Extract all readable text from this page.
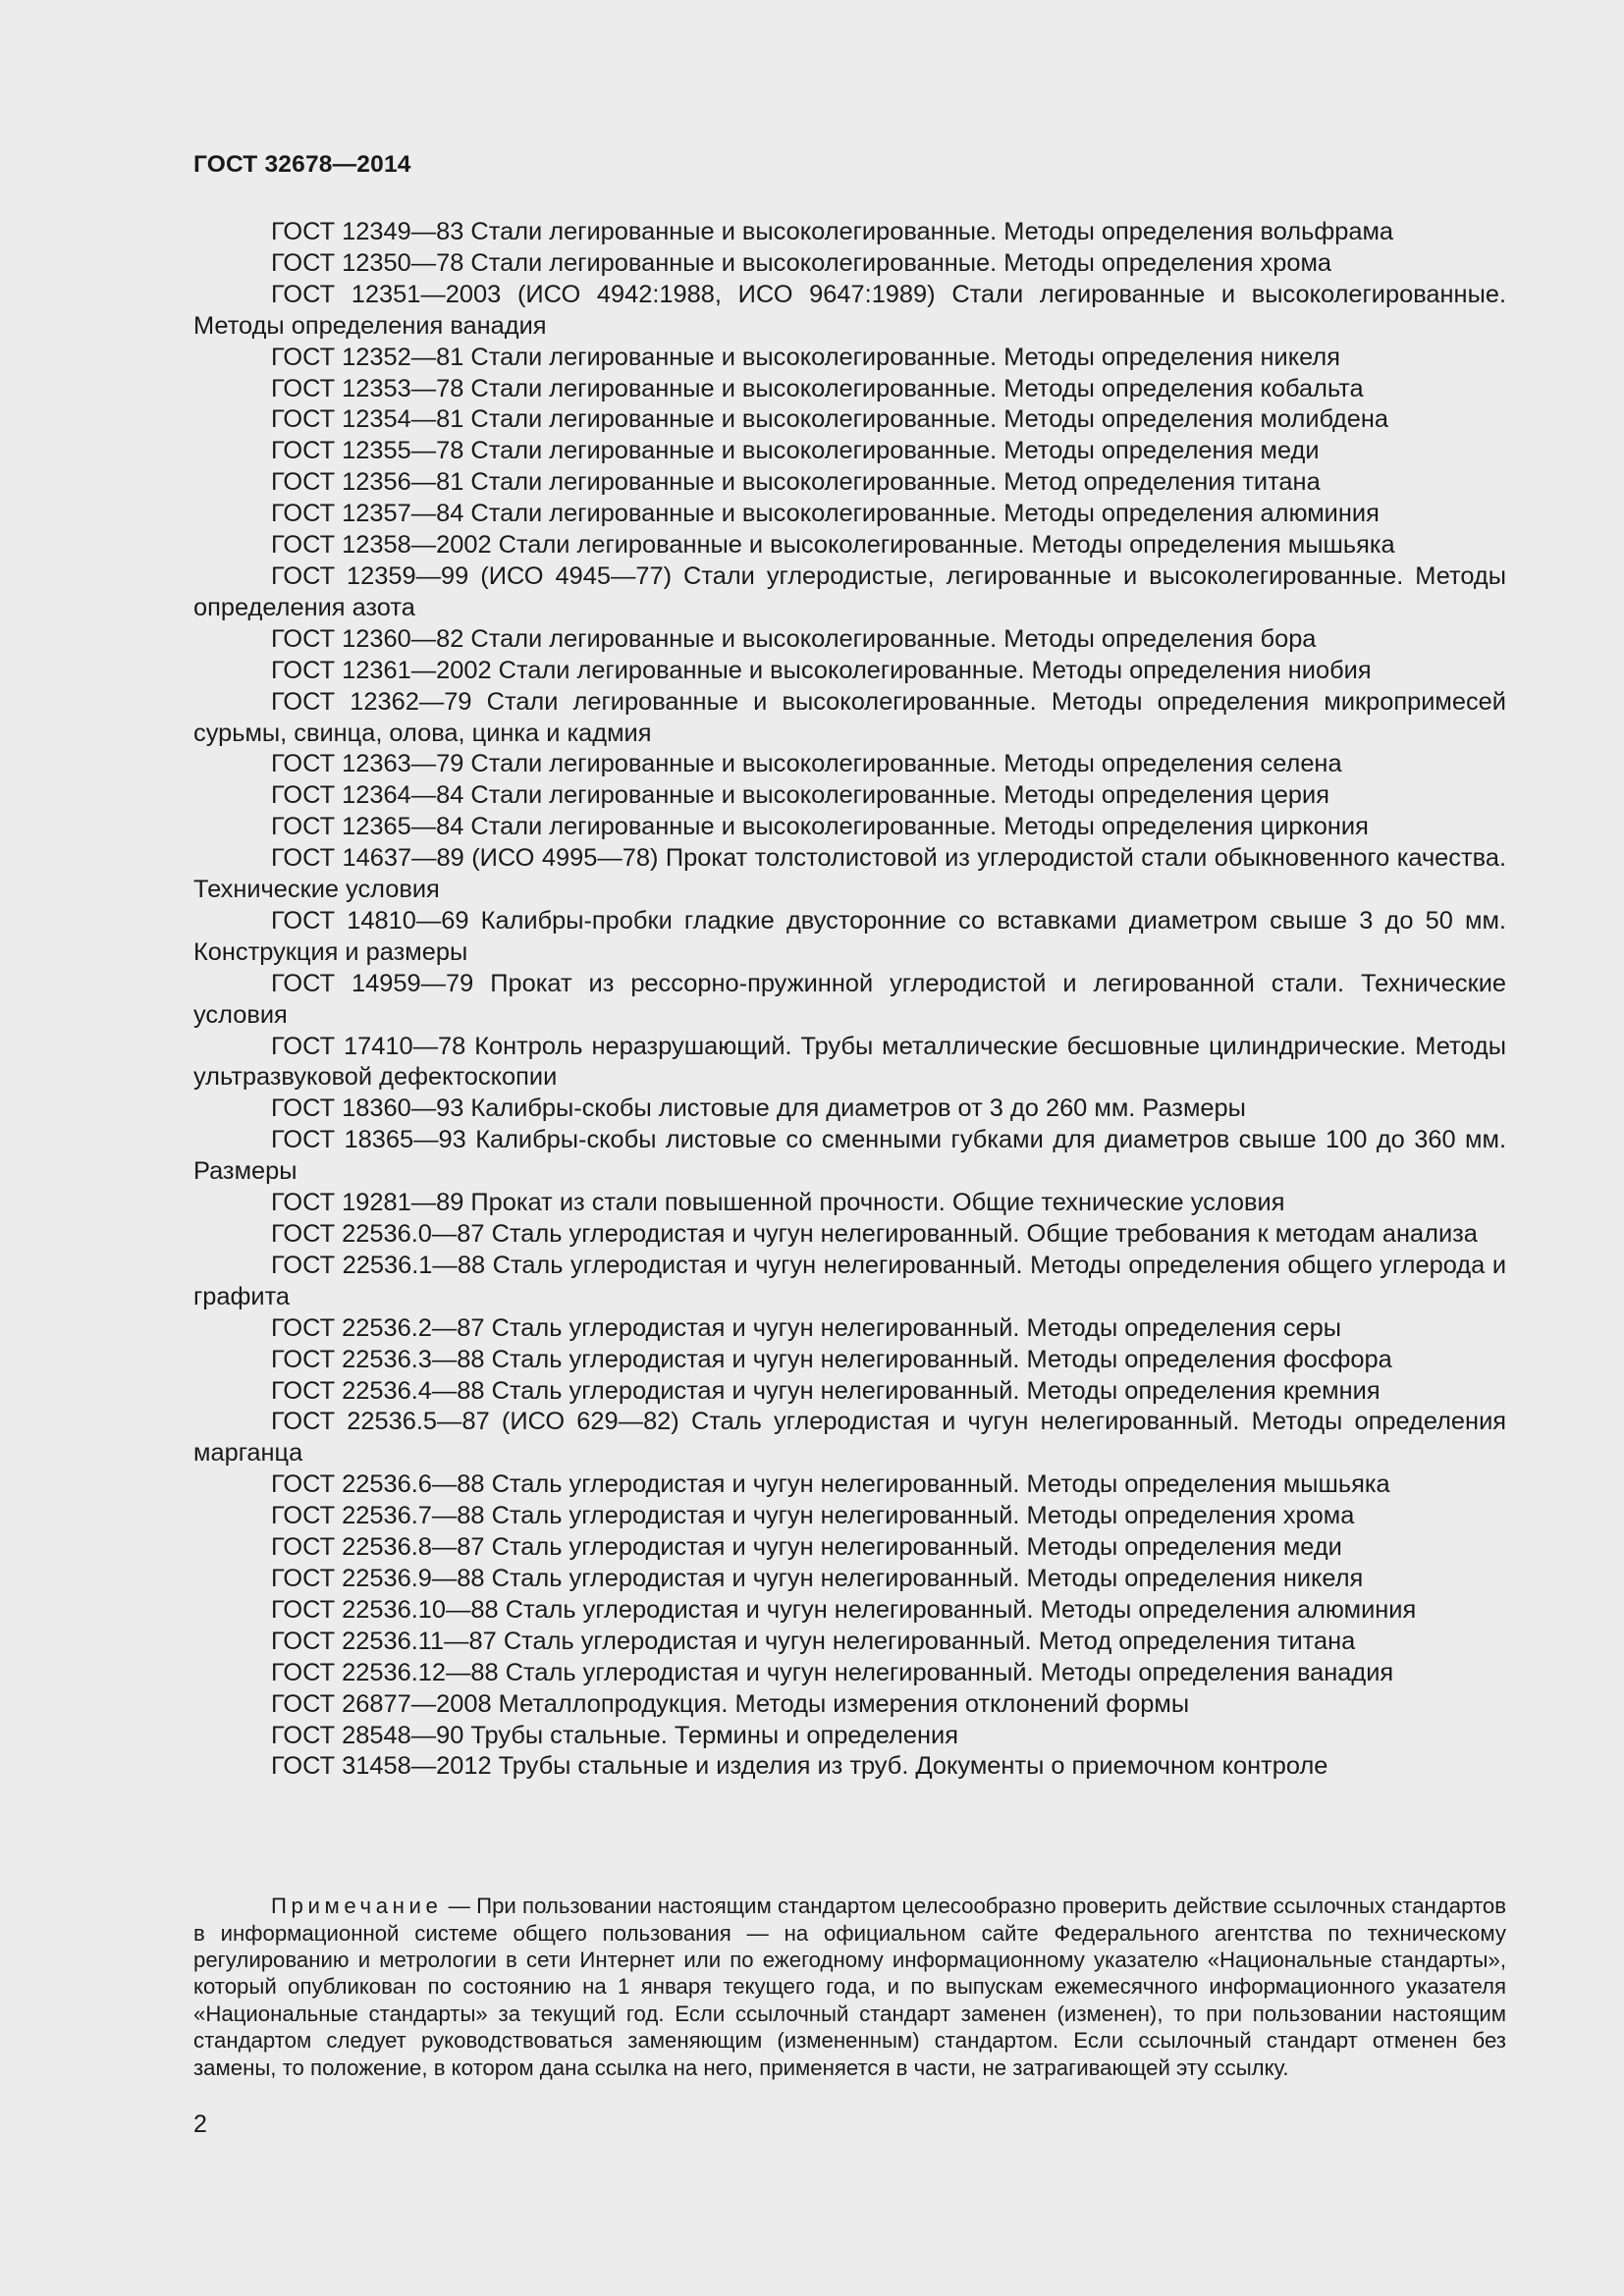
ГОСТ 32678—2014

ГОСТ 12349—83 Стали легированные и высоколегированные. Методы определения вольфрама

ГОСТ 12350—78 Стали легированные и высоколегированные. Методы определения хрома

ГОСТ 12351—2003 (ИСО 4942:1988, ИСО 9647:1989) Стали легированные и высоколегированные. Методы определения ванадия

ГОСТ 12352—81 Стали легированные и высоколегированные. Методы определения никеля

ГОСТ 12353—78 Стали легированные и высоколегированные. Методы определения кобальта

ГОСТ 12354—81 Стали легированные и высоколегированные. Методы определения молибдена

ГОСТ 12355—78 Стали легированные и высоколегированные. Методы определения меди

ГОСТ 12356—81 Стали легированные и высоколегированные. Метод определения титана

ГОСТ 12357—84 Стали легированные и высоколегированные. Методы определения алюминия

ГОСТ 12358—2002 Стали легированные и высоколегированные. Методы определения мышьяка

ГОСТ 12359—99 (ИСО 4945—77) Стали углеродистые, легированные и высоколегированные. Методы определения азота

ГОСТ 12360—82 Стали легированные и высоколегированные. Методы определения бора

ГОСТ 12361—2002 Стали легированные и высоколегированные. Методы определения ниобия

ГОСТ 12362—79 Стали легированные и высоколегированные. Методы определения микропримесей сурьмы, свинца, олова, цинка и кадмия

ГОСТ 12363—79 Стали легированные и высоколегированные. Методы определения селена

ГОСТ 12364—84 Стали легированные и высоколегированные. Методы определения церия

ГОСТ 12365—84 Стали легированные и высоколегированные. Методы определения циркония

ГОСТ 14637—89 (ИСО 4995—78) Прокат толстолистовой из углеродистой стали обыкновенного качества. Технические условия

ГОСТ 14810—69 Калибры-пробки гладкие двусторонние со вставками диаметром свыше 3 до 50 мм. Конструкция и размеры

ГОСТ 14959—79 Прокат из рессорно-пружинной углеродистой и легированной стали. Технические условия

ГОСТ 17410—78 Контроль неразрушающий. Трубы металлические бесшовные цилиндрические. Методы ультразвуковой дефектоскопии

ГОСТ 18360—93 Калибры-скобы листовые для диаметров от 3 до 260 мм. Размеры

ГОСТ 18365—93 Калибры-скобы листовые со сменными губками для диаметров свыше 100 до 360 мм. Размеры

ГОСТ 19281—89 Прокат из стали повышенной прочности. Общие технические условия

ГОСТ 22536.0—87 Сталь углеродистая и чугун нелегированный. Общие требования к методам анализа

ГОСТ 22536.1—88 Сталь углеродистая и чугун нелегированный. Методы определения общего углерода и графита

ГОСТ 22536.2—87 Сталь углеродистая и чугун нелегированный. Методы определения серы

ГОСТ 22536.3—88 Сталь углеродистая и чугун нелегированный. Методы определения фосфора

ГОСТ 22536.4—88 Сталь углеродистая и чугун нелегированный. Методы определения кремния

ГОСТ 22536.5—87 (ИСО 629—82) Сталь углеродистая и чугун нелегированный. Методы определения марганца

ГОСТ 22536.6—88 Сталь углеродистая и чугун нелегированный. Методы определения мышьяка

ГОСТ 22536.7—88 Сталь углеродистая и чугун нелегированный. Методы определения хрома

ГОСТ 22536.8—87 Сталь углеродистая и чугун нелегированный. Методы определения меди

ГОСТ 22536.9—88 Сталь углеродистая и чугун нелегированный. Методы определения никеля

ГОСТ 22536.10—88 Сталь углеродистая и чугун нелегированный. Методы определения алюминия

ГОСТ 22536.11—87 Сталь углеродистая и чугун нелегированный. Метод определения титана

ГОСТ 22536.12—88 Сталь углеродистая и чугун нелегированный. Методы определения ванадия

ГОСТ 26877—2008 Металлопродукция. Методы измерения отклонений формы

ГОСТ 28548—90 Трубы стальные. Термины и определения

ГОСТ 31458—2012 Трубы стальные и изделия из труб. Документы о приемочном контроле

Примечание — При пользовании настоящим стандартом целесообразно проверить действие ссылочных стандартов в информационной системе общего пользования — на официальном сайте Федерального агентства по техническому регулированию и метрологии в сети Интернет или по ежегодному информационному указателю «Национальные стандарты», который опубликован по состоянию на 1 января текущего года, и по выпускам ежемесячного информационного указателя «Национальные стандарты» за текущий год. Если ссылочный стандарт заменен (изменен), то при пользовании настоящим стандартом следует руководствоваться заменяющим (измененным) стандартом. Если ссылочный стандарт отменен без замены, то положение, в котором дана ссылка на него, применяется в части, не затрагивающей эту ссылку.

2
